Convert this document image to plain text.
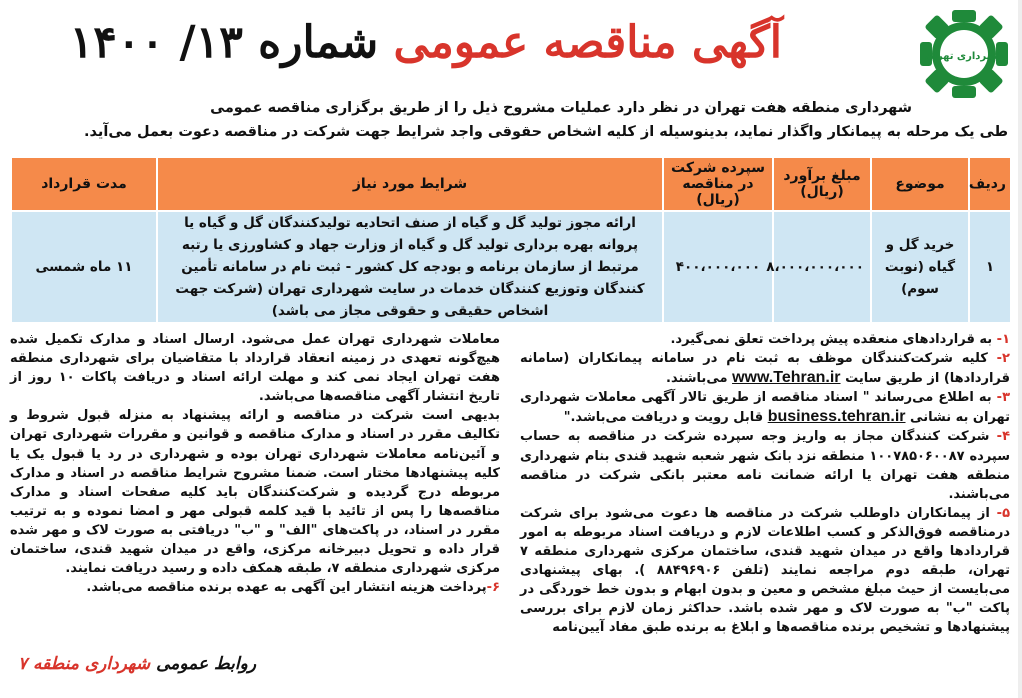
شهرداری تهران
آگهی مناقصه عمومی شماره ۱۳/ ۱۴۰۰
شهرداری منطقه هفت تهران در نظر دارد عملیات مشروح ذیل را از طریق برگزاری مناقصه عمومی
طی یک مرحله به پیمانکار واگذار نماید، بدینوسیله از کلیه اشخاص حقوقی واجد شرایط جهت شرکت در مناقصه دعوت بعمل می‌آید.
ردیف	موضوع	مبلغ برآورد (ریال)	سپرده شرکت در مناقصه (ریال)	شرایط مورد نیاز	مدت قرارداد
۱	خرید گل و گیاه (نوبت سوم)	۸،۰۰۰،۰۰۰،۰۰۰	۴۰۰،۰۰۰،۰۰۰	ارائه مجوز تولید گل و گیاه از صنف اتحادیه تولیدکنندگان گل و گیاه یا پروانه بهره برداری تولید گل و گیاه از وزارت جهاد و کشاورزی یا رتبه مرتبط از سازمان برنامه و بودجه کل کشور - ثبت نام در سامانه تأمین کنندگان وتوزیع کنندگان خدمات در سایت شهرداری تهران (شرکت جهت اشخاص حقیقی و حقوقی مجاز می باشد)	۱۱ ماه شمسی

۱- به قراردادهای منعقده پیش پرداخت تعلق نمی‌گیرد.

۲- کلیه شرکت‌کنندگان موظف به ثبت نام در سامانه پیمانکاران (سامانه قراردادها) از طریق سایت www.Tehran.ir می‌باشند.

۳- به اطلاع می‌رساند " اسناد مناقصه از طریق تالار آگهی معاملات شهرداری تهران به نشانی business.tehran.ir قابل رویت و دریافت می‌باشد."

۴- شرکت کنندگان مجاز به واریز وجه سپرده شرکت در مناقصه به حساب سپرده ۱۰۰۷۸۵۰۶۰۰۸۷ منطقه نزد بانک شهر شعبه شهید قندی بنام شهرداری منطقه هفت تهران یا ارائه ضمانت نامه معتبر بانکی شرکت در مناقصه می‌باشند.

۵- از پیمانکاران داوطلب شرکت در مناقصه ها دعوت می‌شود برای شرکت درمناقصه فوق‌الذکر و کسب اطلاعات لازم و دریافت اسناد مربوطه به امور قراردادها واقع در میدان شهید قندی، ساختمان مرکزی شهرداری منطقه ۷ تهران، طبقه دوم مراجعه نمایند (تلفن ۸۸۴۹۶۹۰۶ ). بهای پیشنهادی می‌بایست از حیث مبلغ مشخص و معین و بدون ابهام و بدون خط خوردگی در پاکت "ب" به صورت لاک و مهر شده باشد. حداکثر زمان لازم برای بررسی پیشنهادها و تشخیص برنده مناقصه‌ها و ابلاغ به برنده طبق مفاد آیین‌نامه

معاملات شهرداری تهران عمل می‌شود. ارسال اسناد و مدارک تکمیل شده هیچ‌گونه تعهدی در زمینه انعقاد قرارداد با متقاضیان برای شهرداری منطقه هفت تهران ایجاد نمی کند و مهلت ارائه اسناد و دریافت پاکات ۱۰ روز از تاریخ انتشار آگهی مناقصه‌ها می‌باشد.

بدیهی است شرکت در مناقصه و ارائه پیشنهاد به منزله قبول شروط و تکالیف مقرر در اسناد و مدارک مناقصه و قوانین و مقررات شهرداری تهران و آئین‌نامه معاملات شهرداری تهران بوده و شهرداری در رد یا قبول یک یا کلیه پیشنهادها مختار است. ضمنا مشروح شرایط مناقصه در اسناد و مدارک مربوطه درج گردیده و شرکت‌کنندگان باید کلیه صفحات اسناد و مدارک مناقصه‌ها را پس از تائید با قید کلمه قبولی مهر و امضا نموده و به ترتیب مقرر در اسناد، در پاکت‌های "الف" و "ب" دریافتی به صورت لاک و مهر شده قرار داده و تحویل دبیرخانه مرکزی، واقع در میدان شهید قندی، ساختمان مرکزی شهرداری منطقه ۷، طبقه همکف داده و رسید دریافت نمایند.

۶-پرداخت هزینه انتشار این آگهی به عهده برنده مناقصه می‌باشد.

روابط عمومی شهرداری منطقه ۷
